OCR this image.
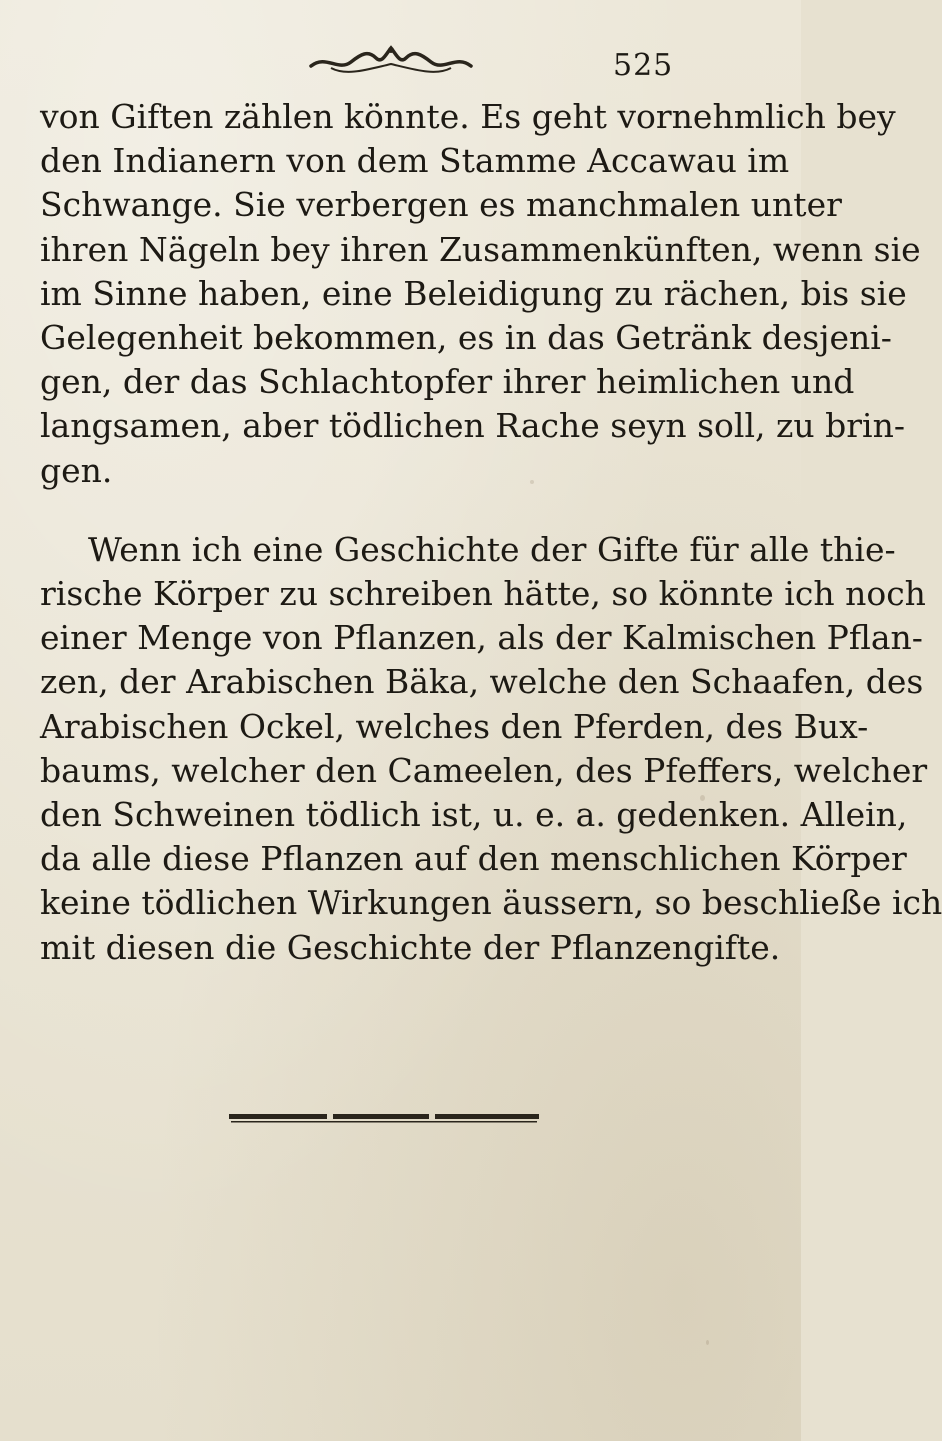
525
von Giften zählen könnte. Es geht vornehmlich bey
den Indianern von dem Stamme Accawau im
Schwange. Sie verbergen es manchmalen unter
ihren Nägeln bey ihren Zusammenkünften, wenn sie
im Sinne haben, eine Beleidigung zu rächen, bis sie
Gelegenheit bekommen, es in das Getränk desjeni-
gen, der das Schlachtopfer ihrer heimlichen und
langsamen, aber tödlichen Rache seyn soll, zu brin-
gen.
Wenn ich eine Geschichte der Gifte für alle thie-
rische Körper zu schreiben hätte, so könnte ich noch
einer Menge von Pflanzen, als der Kalmischen Pflan-
zen, der Arabischen Bäka, welche den Schaafen, des
Arabischen Ockel, welches den Pferden, des Bux-
baums, welcher den Cameelen, des Pfeffers, welcher
den Schweinen tödlich ist, u. e. a. gedenken. Allein,
da alle diese Pflanzen auf den menschlichen Körper
keine tödlichen Wirkungen äussern, so beschließe ich
mit diesen die Geschichte der Pflanzengifte.
